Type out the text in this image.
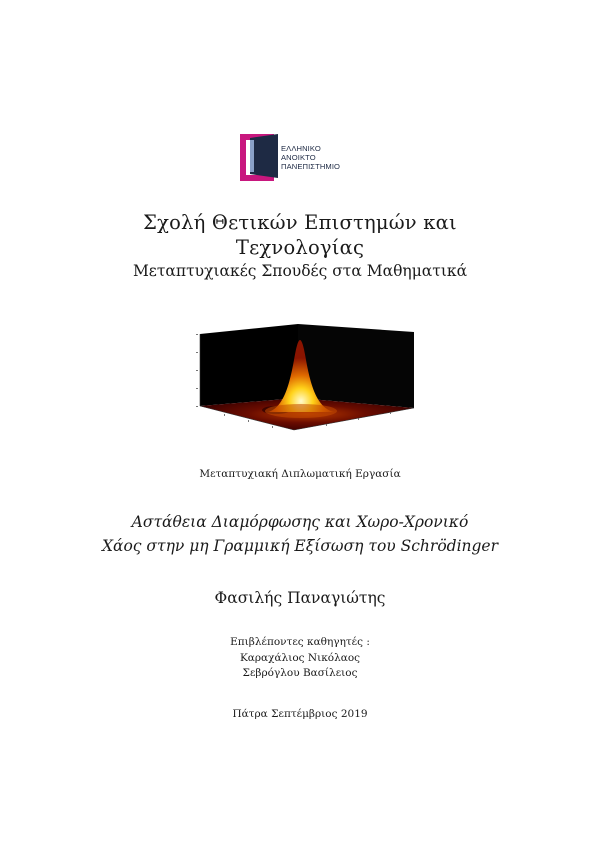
ΕΛΛΗΝΙΚΟ
ΑΝΟΙΚΤΟ
ΠΑΝΕΠΙΣΤΗΜΙΟ
Σχολή Θετικών Επιστημών και
Τεχνολογίας
Μεταπτυχιακές Σπουδές στα Μαθηματικά
Μεταπτυχιακή Διπλωματική Εργασία
Αστάθεια Διαμόρφωσης και Χωρο-Χρονικό
Χάος στην μη Γραμμική Εξίσωση του Schrödinger
Φασιλής Παναγιώτης
Επιβλέποντες καθηγητές :
Καραχάλιος Νικόλαος
Σεβρόγλου Βασίλειος
Πάτρα Σεπτέμβριος 2019
